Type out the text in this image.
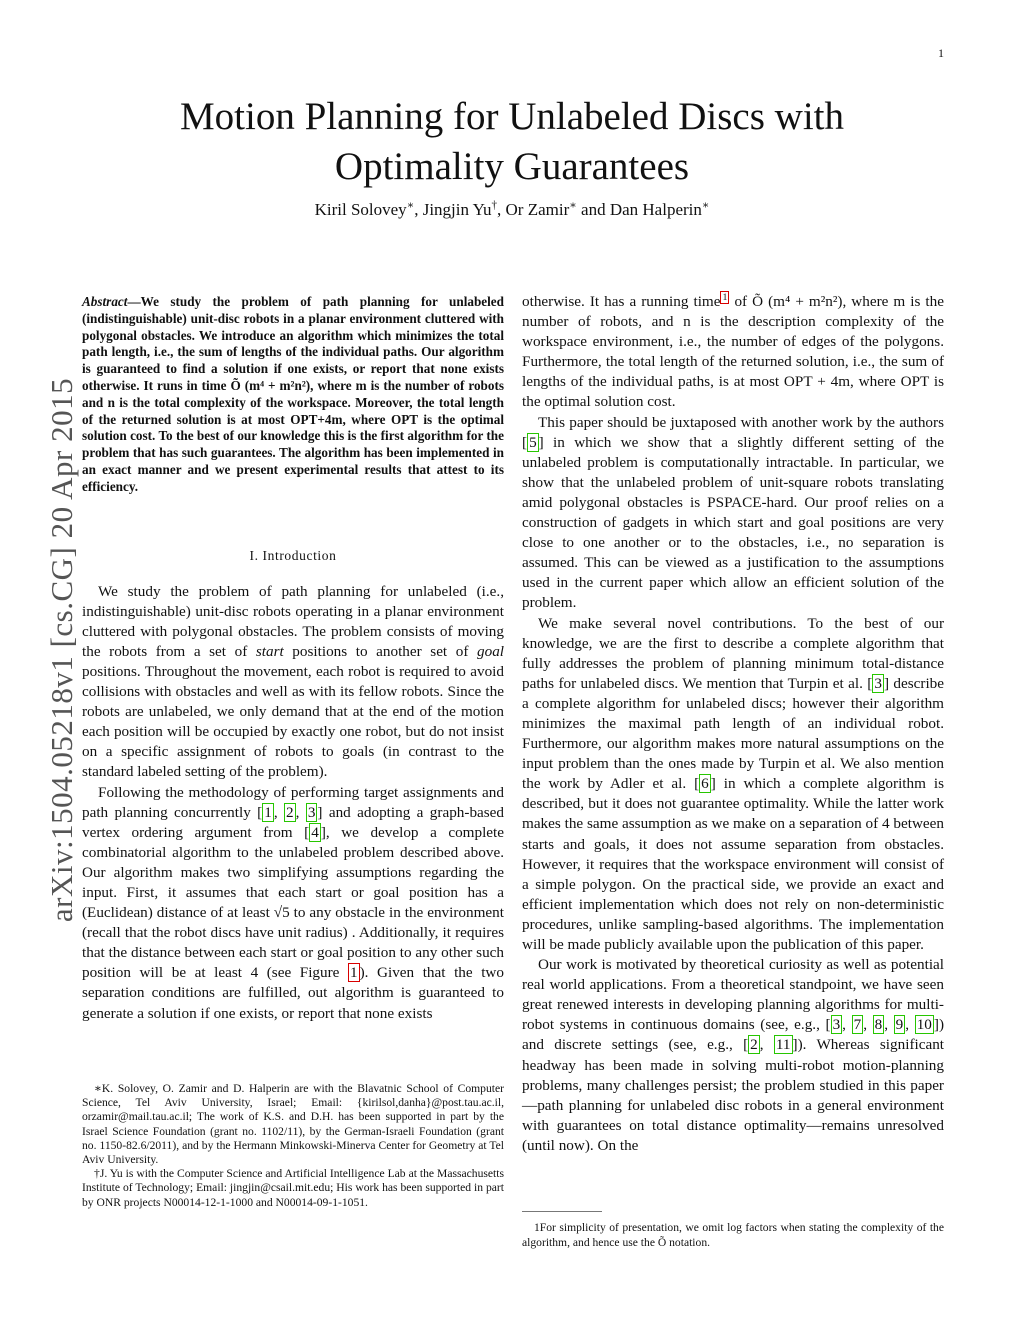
1
arXiv:1504.05218v1 [cs.CG] 20 Apr 2015
Motion Planning for Unlabeled Discs with
Optimality Guarantees
Kiril Solovey∗, Jingjin Yu†, Or Zamir∗ and Dan Halperin∗

Abstract—We study the problem of path planning for unlabeled (indistinguishable) unit-disc robots in a planar environment cluttered with polygonal obstacles. We introduce an algorithm which minimizes the total path length, i.e., the sum of lengths of the individual paths. Our algorithm is guaranteed to find a solution if one exists, or report that none exists otherwise. It runs in time Õ (m⁴ + m²n²), where m is the number of robots and n is the total complexity of the workspace. Moreover, the total length of the returned solution is at most OPT+4m, where OPT is the optimal solution cost. To the best of our knowledge this is the first algorithm for the problem that has such guarantees. The algorithm has been implemented in an exact manner and we present experimental results that attest to its efficiency.

I. Introduction

We study the problem of path planning for unlabeled (i.e., indistinguishable) unit-disc robots operating in a planar environment cluttered with polygonal obstacles. The problem consists of moving the robots from a set of start positions to another set of goal positions. Throughout the movement, each robot is required to avoid collisions with obstacles and well as with its fellow robots. Since the robots are unlabeled, we only demand that at the end of the motion each position will be occupied by exactly one robot, but do not insist on a specific assignment of robots to goals (in contrast to the standard labeled setting of the problem).

Following the methodology of performing target assignments and path planning concurrently [ 1 , 2 , 3 ] and adopting a graph-based vertex ordering argument from [ 4 ], we develop a complete combinatorial algorithm to the unlabeled problem described above. Our algorithm makes two simplifying assumptions regarding the input. First, it assumes that each start or goal position has a (Euclidean) distance of at least √5 to any obstacle in the environment (recall that the robot discs have unit radius) . Additionally, it requires that the distance between each start or goal position to any other such position will be at least 4 (see Figure 1 ). Given that the two separation conditions are fulfilled, out algorithm is guaranteed to generate a solution if one exists, or report that none exists

∗K. Solovey, O. Zamir and D. Halperin are with the Blavatnic School of Computer Science, Tel Aviv University, Israel; Email: {kirilsol,danha}@post.tau.ac.il, orzamir@mail.tau.ac.il; The work of K.S. and D.H. has been supported in part by the Israel Science Foundation (grant no. 1102/11), by the German-Israeli Foundation (grant no. 1150-82.6/2011), and by the Hermann Minkowski-Minerva Center for Geometry at Tel Aviv University.

†J. Yu is with the Computer Science and Artificial Intelligence Lab at the Massachusetts Institute of Technology; Email: jingjin@csail.mit.edu; His work has been supported in part by ONR projects N00014-12-1-1000 and N00014-09-1-1051.

otherwise. It has a running time $^1$ of Õ (m⁴ + m²n²), where m is the number of robots, and n is the description complexity of the workspace environment, i.e., the number of edges of the polygons. Furthermore, the total length of the returned solution, i.e., the sum of lengths of the individual paths, is at most OPT + 4m, where OPT is the optimal solution cost.

This paper should be juxtaposed with another work by the authors [ 5 ] in which we show that a slightly different setting of the unlabeled problem is computationally intractable. In particular, we show that the unlabeled problem of unit-square robots translating amid polygonal obstacles is PSPACE-hard. Our proof relies on a construction of gadgets in which start and goal positions are very close to one another or to the obstacles, i.e., no separation is assumed. This can be viewed as a justification to the assumptions used in the current paper which allow an efficient solution of the problem.

We make several novel contributions. To the best of our knowledge, we are the first to describe a complete algorithm that fully addresses the problem of planning minimum total-distance paths for unlabeled discs. We mention that Turpin et al. [ 3 ] describe a complete algorithm for unlabeled discs; however their algorithm minimizes the maximal path length of an individual robot. Furthermore, our algorithm makes more natural assumptions on the input problem than the ones made by Turpin et al. We also mention the work by Adler et al. [ 6 ] in which a complete algorithm is described, but it does not guarantee optimality. While the latter work makes the same assumption as we make on a separation of 4 between starts and goals, it does not assume separation from obstacles. However, it requires that the workspace environment will consist of a simple polygon. On the practical side, we provide an exact and efficient implementation which does not rely on non-deterministic procedures, unlike sampling-based algorithms. The implementation will be made publicly available upon the publication of this paper.

Our work is motivated by theoretical curiosity as well as potential real world applications. From a theoretical standpoint, we have seen great renewed interests in developing planning algorithms for multi-robot systems in continuous domains (see, e.g., [ 3 , 7 , 8 , 9 , 10 ]) and discrete settings (see, e.g., [ 2 , 11 ]). Whereas significant headway has been made in solving multi-robot motion-planning problems, many challenges persist; the problem studied in this paper—path planning for unlabeled disc robots in a general environment with guarantees on total distance optimality—remains unresolved (until now). On the

1For simplicity of presentation, we omit log factors when stating the complexity of the algorithm, and hence use the Õ notation.
